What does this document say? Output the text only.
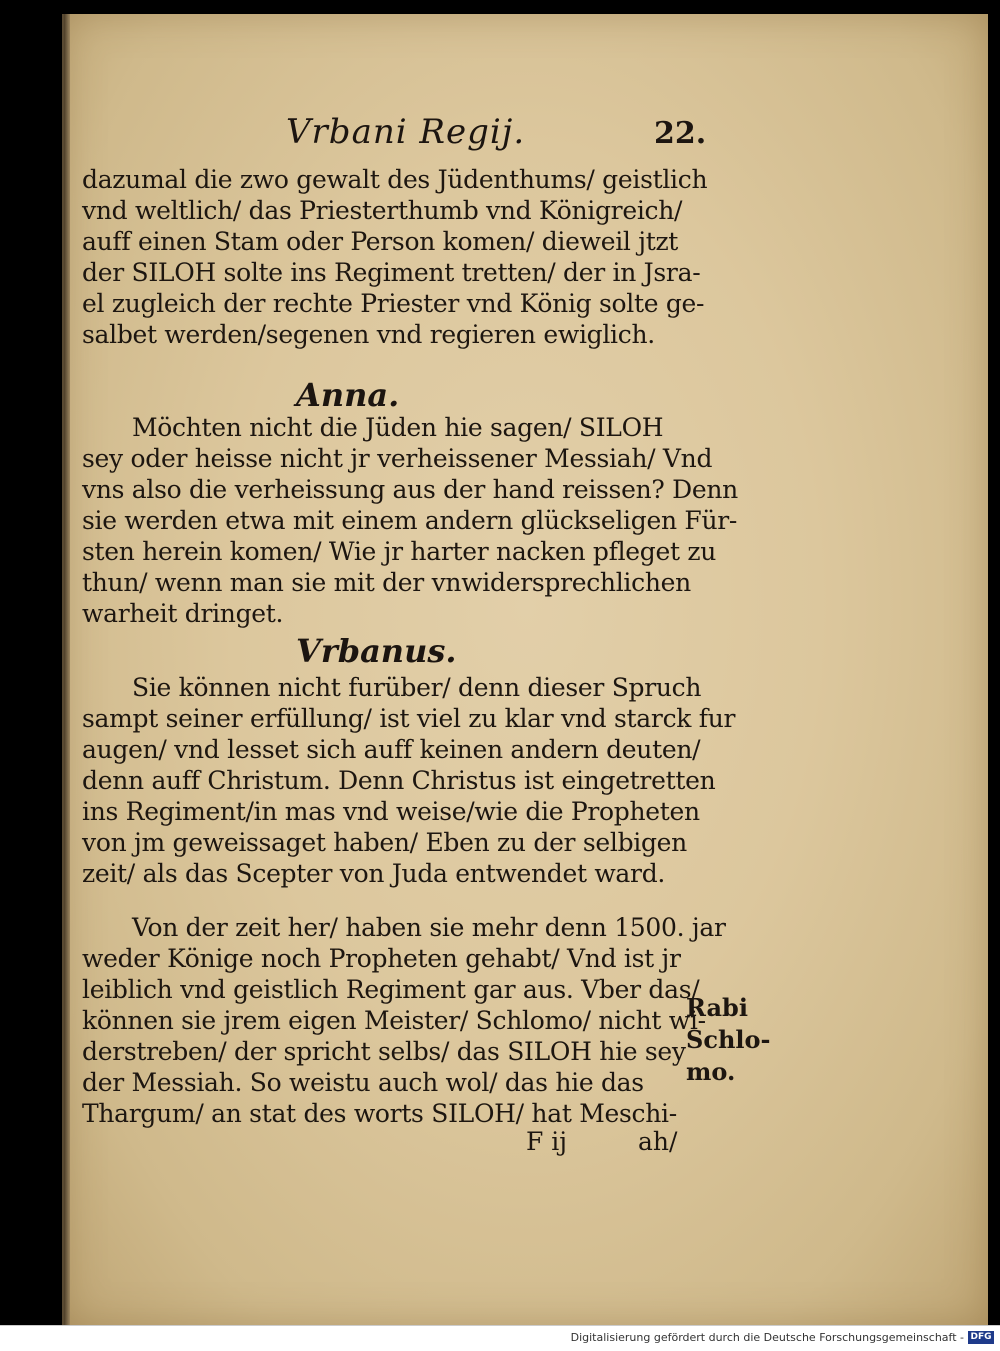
Vrbani Regij.	22.
dazumal die zwo gewalt des Jüdenthums/ geistlich
vnd weltlich/ das Priesterthumb vnd Königreich/
auff einen Stam oder Person komen/ dieweil jtzt
der SILOH solte ins Regiment tretten/ der in Jsra-
el zugleich der rechte Priester vnd König solte ge-
salbet werden/segenen vnd regieren ewiglich.
Anna.
Möchten nicht die Jüden hie sagen/ SILOH
sey oder heisse nicht jr verheissener Messiah/ Vnd
vns also die verheissung aus der hand reissen? Denn
sie werden etwa mit einem andern glückseligen Für-
sten herein komen/ Wie jr harter nacken pfleget zu
thun/ wenn man sie mit der vnwidersprechlichen
warheit dringet.
Vrbanus.
Sie können nicht furüber/ denn dieser Spruch
sampt seiner erfüllung/ ist viel zu klar vnd starck fur
augen/ vnd lesset sich auff keinen andern deuten/
denn auff Christum. Denn Christus ist eingetretten
ins Regiment/in mas vnd weise/wie die Propheten
von jm geweissaget haben/ Eben zu der selbigen
zeit/ als das Scepter von Juda entwendet ward.
Von der zeit her/ haben sie mehr denn 1500. jar
weder Könige noch Propheten gehabt/ Vnd ist jr
leiblich vnd geistlich Regiment gar aus. Vber das/
können sie jrem eigen Meister/ Schlomo/ nicht wi-
derstreben/ der spricht selbs/ das SILOH hie sey
der Messiah. So weistu auch wol/ das hie das
Thargum/ an stat des worts SILOH/ hat Meschi-
Rabi
Schlo-
mo.
F ij	ah/
Digitalisierung gefördert durch die Deutsche Forschungsgemeinschaft - DFG
